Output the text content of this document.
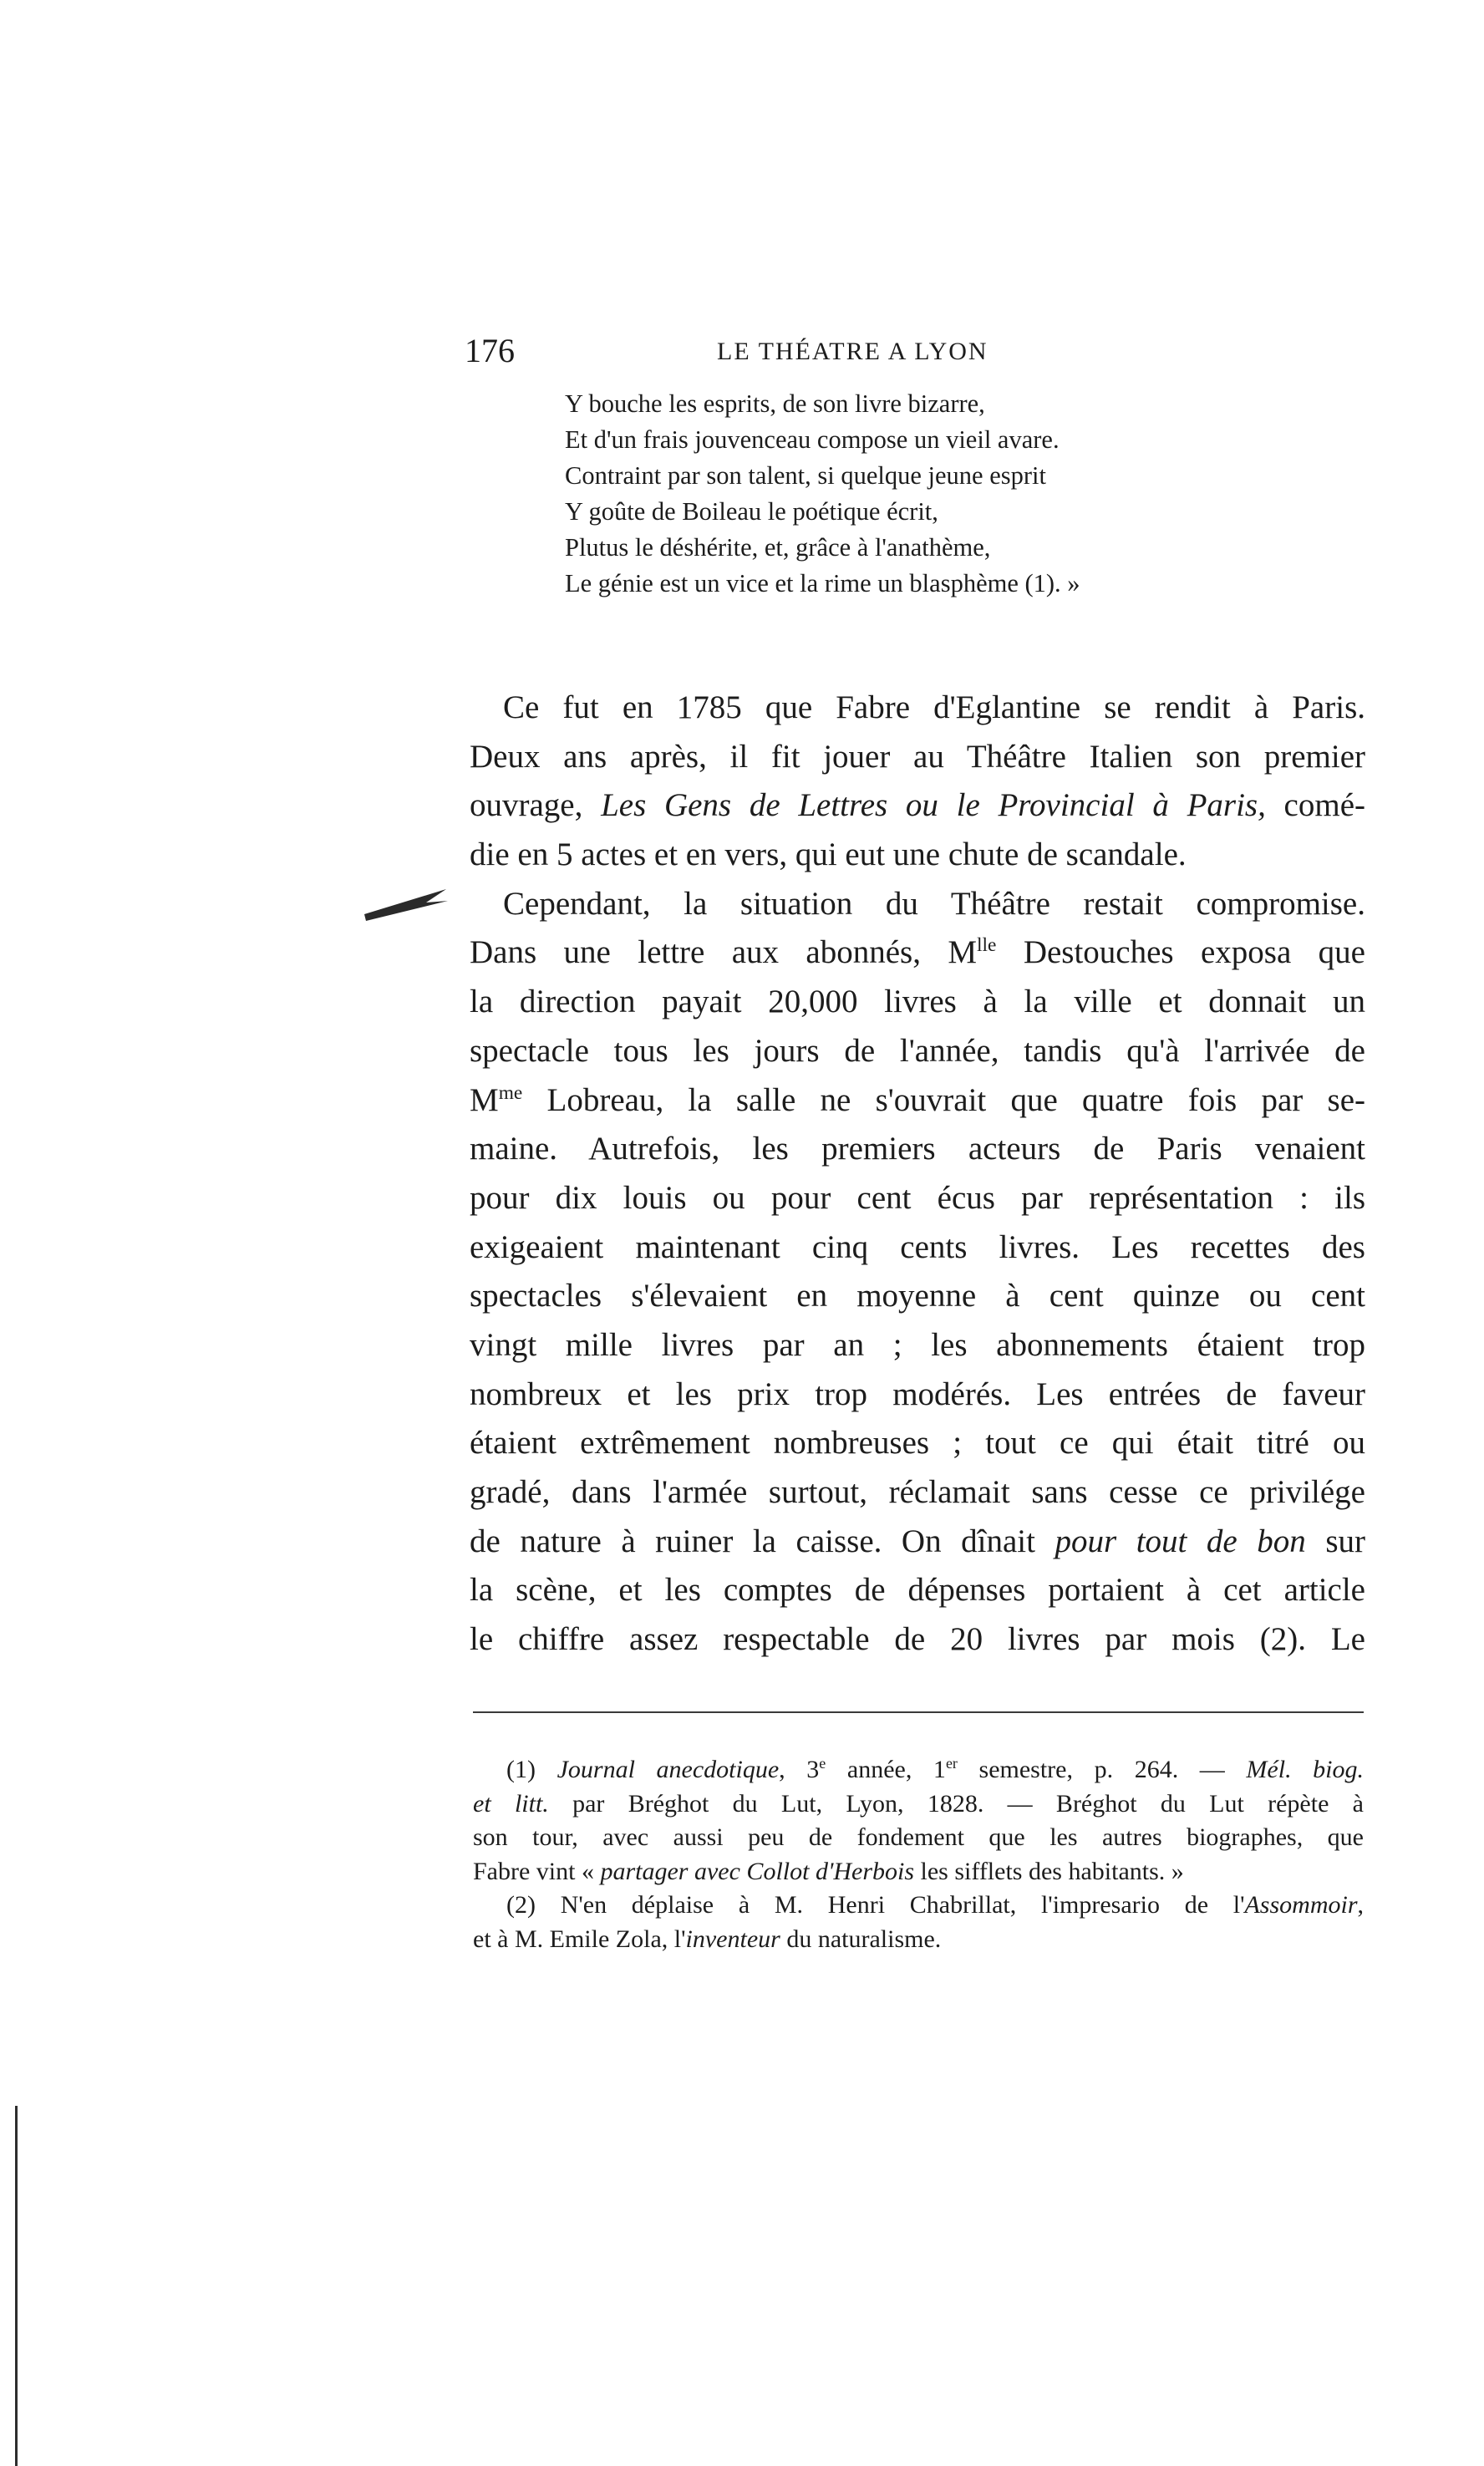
176	LE THÉATRE A LYON
Y bouche les esprits, de son livre bizarre,
Et d'un frais jouvenceau compose un vieil avare.
Contraint par son talent, si quelque jeune esprit
Y goûte de Boileau le poétique écrit,
Plutus le déshérite, et, grâce à l'anathème,
Le génie est un vice et la rime un blasphème (1). »
Ce fut en 1785 que Fabre d'Eglantine se rendit à Paris.
Deux ans après, il fit jouer au Théâtre Italien son premier
ouvrage, Les Gens de Lettres ou le Provincial à Paris, comé-
die en 5 actes et en vers, qui eut une chute de scandale.
Cependant, la situation du Théâtre restait compromise.
Dans une lettre aux abonnés, $M^{lle}$ Destouches exposa que
la direction payait 20,000 livres à la ville et donnait un
spectacle tous les jours de l'année, tandis qu'à l'arrivée de
$M^{me}$ Lobreau, la salle ne s'ouvrait que quatre fois par se-
maine. Autrefois, les premiers acteurs de Paris venaient
pour dix louis ou pour cent écus par représentation : ils
exigeaient maintenant cinq cents livres. Les recettes des
spectacles s'élevaient en moyenne à cent quinze ou cent
vingt mille livres par an ; les abonnements étaient trop
nombreux et les prix trop modérés. Les entrées de faveur
étaient extrêmement nombreuses ; tout ce qui était titré ou
gradé, dans l'armée surtout, réclamait sans cesse ce privilége
de nature à ruiner la caisse. On dînait pour tout de bon sur
la scène, et les comptes de dépenses portaient à cet article
le chiffre assez respectable de 20 livres par mois (2). Le
(1) Journal anecdotique, 3e année, 1er semestre, p. 264. — Mél. biog.
et litt. par Bréghot du Lut, Lyon, 1828. — Bréghot du Lut répète à
son tour, avec aussi peu de fondement que les autres biographes, que
Fabre vint « partager avec Collot d'Herbois les sifflets des habitants. »
(2) N'en déplaise à M. Henri Chabrillat, l'impresario de l'Assommoir,
et à M. Emile Zola, l'inventeur du naturalisme.
